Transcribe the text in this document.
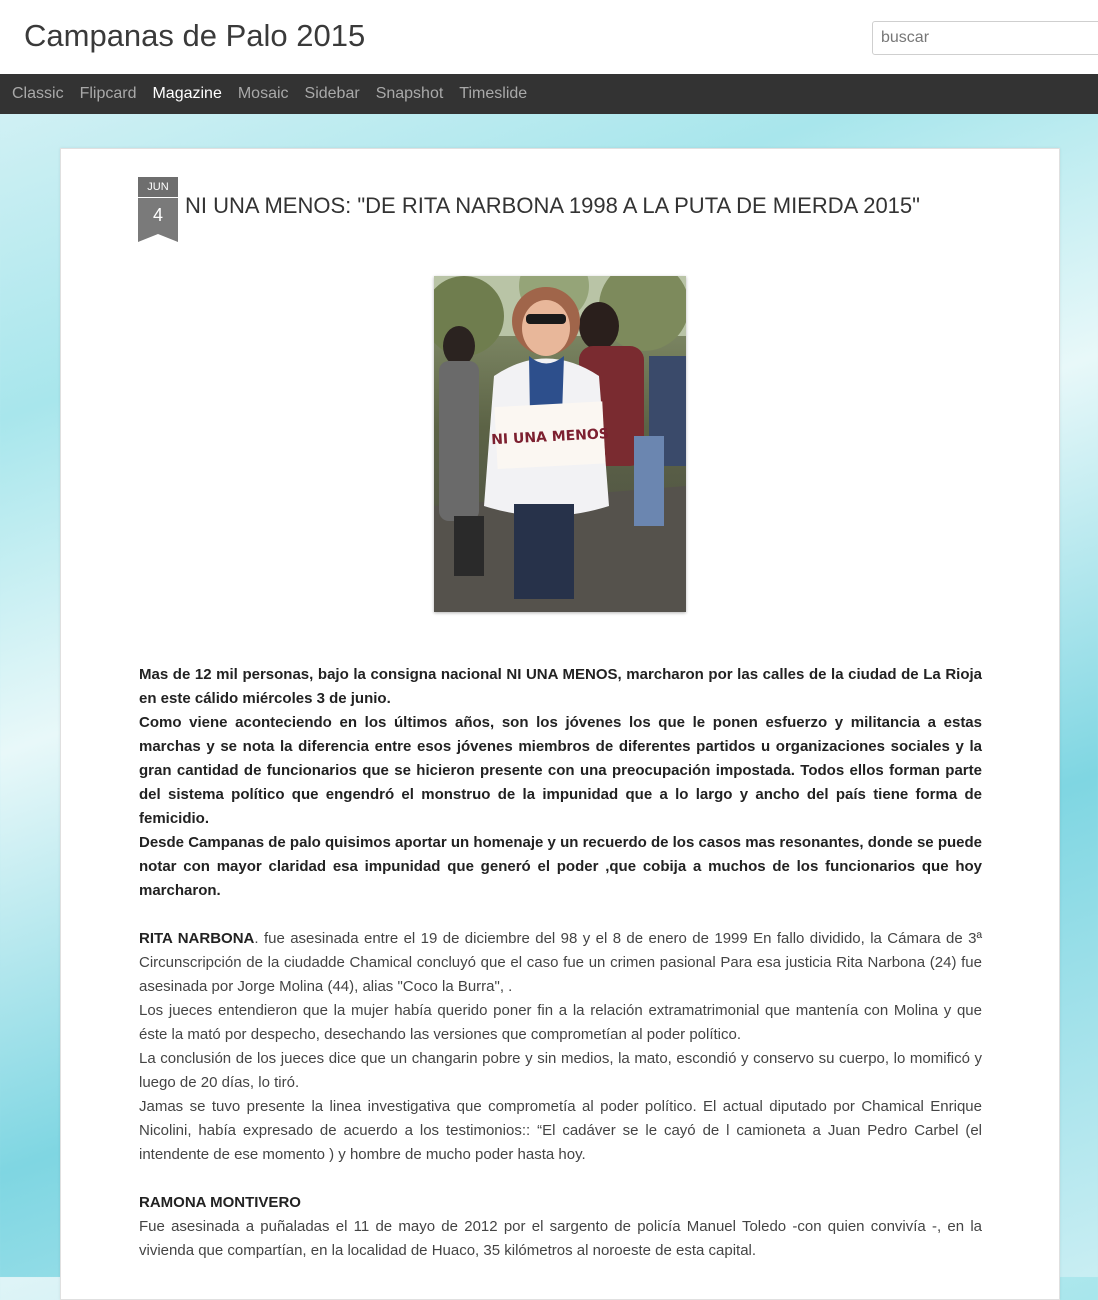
Campanas de Palo 2015
buscar
Classic Flipcard Magazine Mosaic Sidebar Snapshot Timeslide
JUN
4	NI UNA MENOS: "DE RITA NARBONA 1998 A LA PUTA DE MIERDA 2015"
NI UNA MENOS

Mas de 12 mil personas, bajo la consigna nacional NI UNA MENOS, marcharon por las calles de la ciudad de La Rioja en este cálido miércoles 3 de junio.

Como viene aconteciendo en los últimos años, son los jóvenes los que le ponen esfuerzo y militancia a estas marchas y se nota la diferencia entre esos jóvenes miembros de diferentes partidos u organizaciones sociales y la gran cantidad de funcionarios que se hicieron presente con una preocupación impostada. Todos ellos forman parte del sistema político que engendró el monstruo de la impunidad que a lo largo y ancho del país tiene forma de femicidio.

Desde Campanas de palo quisimos aportar un homenaje y un recuerdo de los casos mas resonantes, donde se puede notar con mayor claridad esa impunidad que generó el poder ,que cobija a muchos de los funcionarios que hoy marcharon.

RITA NARBONA. fue asesinada entre el 19 de diciembre del 98 y el 8 de enero de 1999 En fallo dividido, la Cámara de 3ª Circunscripción de la ciudadde Chamical concluyó que el caso fue un crimen pasional Para esa justicia Rita Narbona (24) fue asesinada por Jorge Molina (44), alias "Coco la Burra", .

Los jueces entendieron que la mujer había querido poner fin a la relación extramatrimonial que mantenía con Molina y que éste la mató por despecho, desechando las versiones que comprometían al poder político.

La conclusión de los jueces dice que un changarin pobre y sin medios, la mato, escondió y conservo su cuerpo, lo momificó y luego de 20 días, lo tiró.

Jamas se tuvo presente la linea investigativa que comprometía al poder político. El actual diputado por Chamical Enrique Nicolini, había expresado de acuerdo a los testimonios:: “El cadáver se le cayó de l camioneta a Juan Pedro Carbel (el intendente de ese momento ) y hombre de mucho poder hasta hoy.

RAMONA MONTIVERO

Fue asesinada a puñaladas el 11 de mayo de 2012 por el sargento de policía Manuel Toledo -con quien convivía -, en la vivienda que compartían, en la localidad de Huaco, 35 kilómetros al noroeste de esta capital.
